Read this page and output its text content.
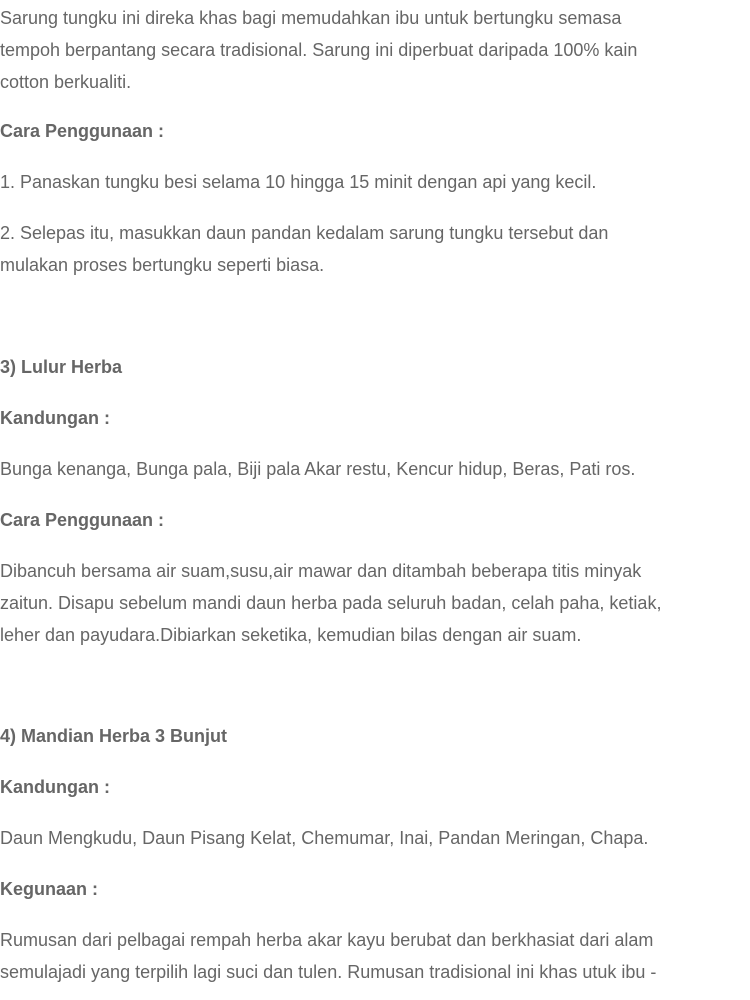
Sarung tungku ini direka khas bagi memudahkan ibu untuk bertungku semasa

tempoh berpantang secara tradisional. Sarung ini diperbuat daripada 100% kain

cotton berkualiti.

Cara Penggunaan :

1. Panaskan tungku besi selama 10 hingga 15 minit dengan api yang kecil.

2. Selepas itu, masukkan daun pandan kedalam sarung tungku tersebut dan

mulakan proses bertungku seperti biasa.

3) Lulur Herba

Kandungan :

Bunga kenanga, Bunga pala, Biji pala Akar restu, Kencur hidup, Beras, Pati ros.

Cara Penggunaan :

Dibancuh bersama air suam,susu,air mawar dan ditambah beberapa titis minyak

zaitun. Disapu sebelum mandi daun herba pada seluruh badan, celah paha, ketiak,

leher dan payudara.Dibiarkan seketika, kemudian bilas dengan air suam.

4) Mandian Herba 3 Bunjut

Kandungan :

Daun Mengkudu, Daun Pisang Kelat, Chemumar, Inai, Pandan Meringan, Chapa.

Kegunaan :

Rumusan dari pelbagai rempah herba akar kayu berubat dan berkhasiat dari alam

semulajadi yang terpilih lagi suci dan tulen. Rumusan tradisional ini khas utuk ibu -
